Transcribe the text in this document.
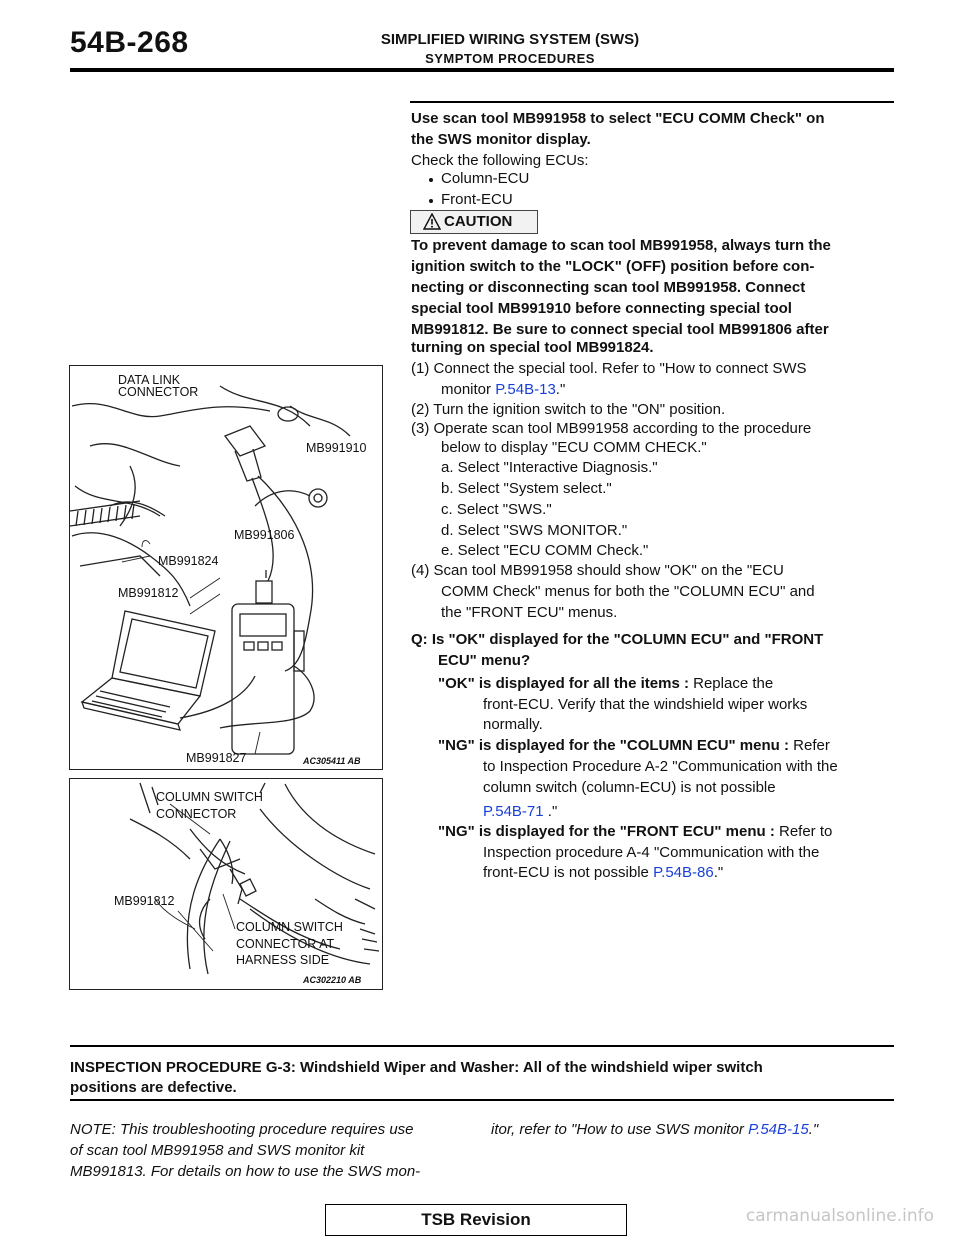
54B-268	SIMPLIFIED WIRING SYSTEM (SWS)
SYMPTOM PROCEDURES
Use scan tool MB991958 to select "ECU COMM Check" on
the SWS monitor display.
Check the following ECUs:
Column-ECU
Front-ECU
CAUTION
To prevent damage to scan tool MB991958, always turn the
ignition switch to the "LOCK" (OFF) position before con-
necting or disconnecting scan tool MB991958. Connect
special tool MB991910 before connecting special tool
MB991812. Be sure to connect special tool MB991806 after
turning on special tool MB991824.
(1) Connect the special tool. Refer to "How to connect SWS
monitor P.54B-13."
(2) Turn the ignition switch to the "ON" position.
(3) Operate scan tool MB991958 according to the procedure
below to display "ECU COMM CHECK."
a. Select "Interactive Diagnosis."
b. Select "System select."
c. Select "SWS."
d. Select "SWS MONITOR."
e. Select "ECU COMM Check."
(4) Scan tool MB991958 should show "OK" on the "ECU
COMM Check" menus for both the "COLUMN ECU" and
the "FRONT ECU" menus.
Q: Is "OK" displayed for the "COLUMN ECU" and "FRONT
ECU" menu?
"OK" is displayed for all the items : Replace the
front-ECU. Verify that the windshield wiper works
normally.
"NG" is displayed for the "COLUMN ECU" menu : Refer
to Inspection Procedure A-2 "Communication with the
column switch (column-ECU) is not possible
P.54B-71 ."
"NG" is displayed for the "FRONT ECU" menu : Refer to
Inspection procedure A-4 "Communication with the
front-ECU is not possible P.54B-86."
DATA LINK
CONNECTOR
MB991910
MB991806
MB991824
MB991812
MB991827	AC305411 AB
COLUMN SWITCH
CONNECTOR
MB991812
COLUMN SWITCH
CONNECTOR AT
HARNESS SIDE
AC302210 AB
INSPECTION PROCEDURE G-3: Windshield Wiper and Washer: All of the windshield wiper switch
positions are defective.
NOTE: This troubleshooting procedure requires use
of scan tool MB991958 and SWS monitor kit
MB991813. For details on how to use the SWS mon-
itor, refer to "How to use SWS monitor P.54B-15."
TSB Revision	carmanualsonline.info
